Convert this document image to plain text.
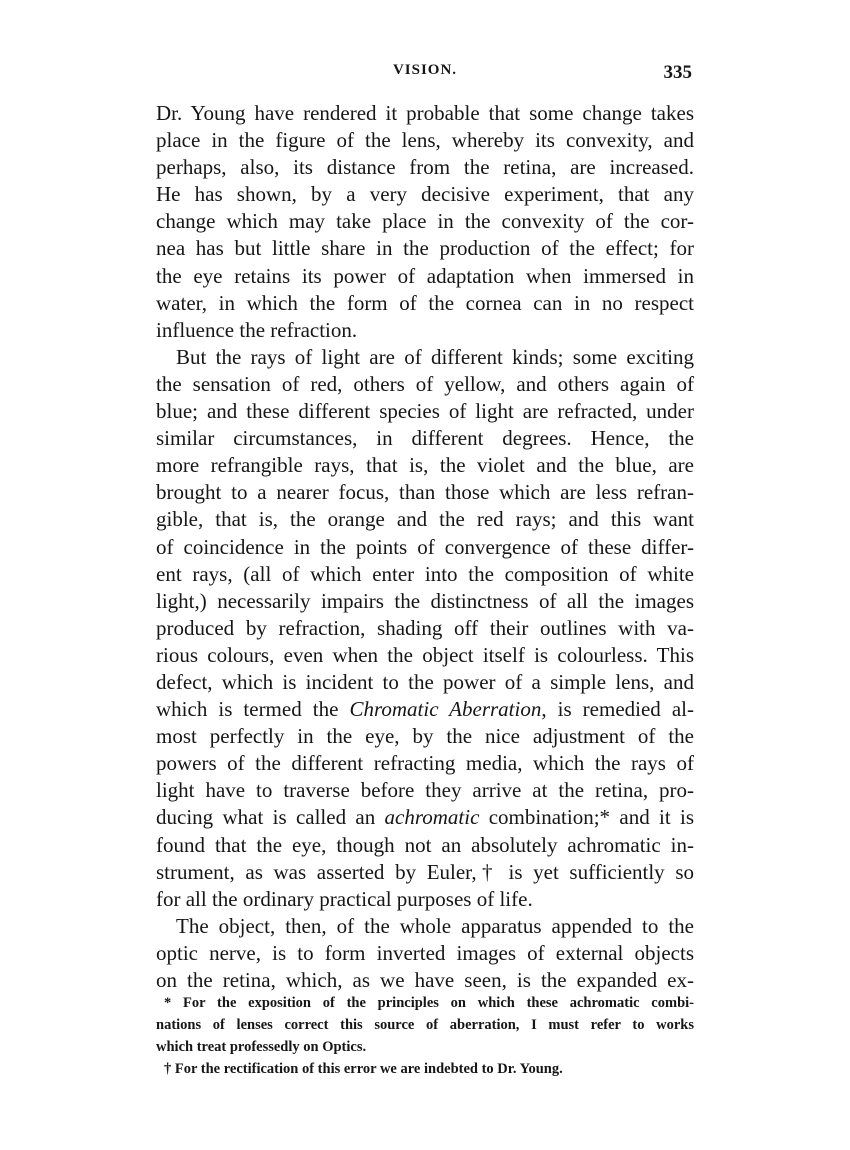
VISION.	335
Dr. Young have rendered it probable that some change takes
place in the figure of the lens, whereby its convexity, and
perhaps, also, its distance from the retina, are increased.
He has shown, by a very decisive experiment, that any
change which may take place in the convexity of the cor-
nea has but little share in the production of the effect; for
the eye retains its power of adaptation when immersed in
water, in which the form of the cornea can in no respect
influence the refraction.
But the rays of light are of different kinds; some exciting
the sensation of red, others of yellow, and others again of
blue; and these different species of light are refracted, under
similar circumstances, in different degrees. Hence, the
more refrangible rays, that is, the violet and the blue, are
brought to a nearer focus, than those which are less refran-
gible, that is, the orange and the red rays; and this want
of coincidence in the points of convergence of these differ-
ent rays, (all of which enter into the composition of white
light,) necessarily impairs the distinctness of all the images
produced by refraction, shading off their outlines with va-
rious colours, even when the object itself is colourless. This
defect, which is incident to the power of a simple lens, and
which is termed the Chromatic Aberration, is remedied al-
most perfectly in the eye, by the nice adjustment of the
powers of the different refracting media, which the rays of
light have to traverse before they arrive at the retina, pro-
ducing what is called an achromatic combination;* and it is
found that the eye, though not an absolutely achromatic in-
strument, as was asserted by Euler,† is yet sufficiently so
for all the ordinary practical purposes of life.
The object, then, of the whole apparatus appended to the
optic nerve, is to form inverted images of external objects
on the retina, which, as we have seen, is the expanded ex-
* For the exposition of the principles on which these achromatic combi-
nations of lenses correct this source of aberration, I must refer to works
which treat professedly on Optics.
† For the rectification of this error we are indebted to Dr. Young.
